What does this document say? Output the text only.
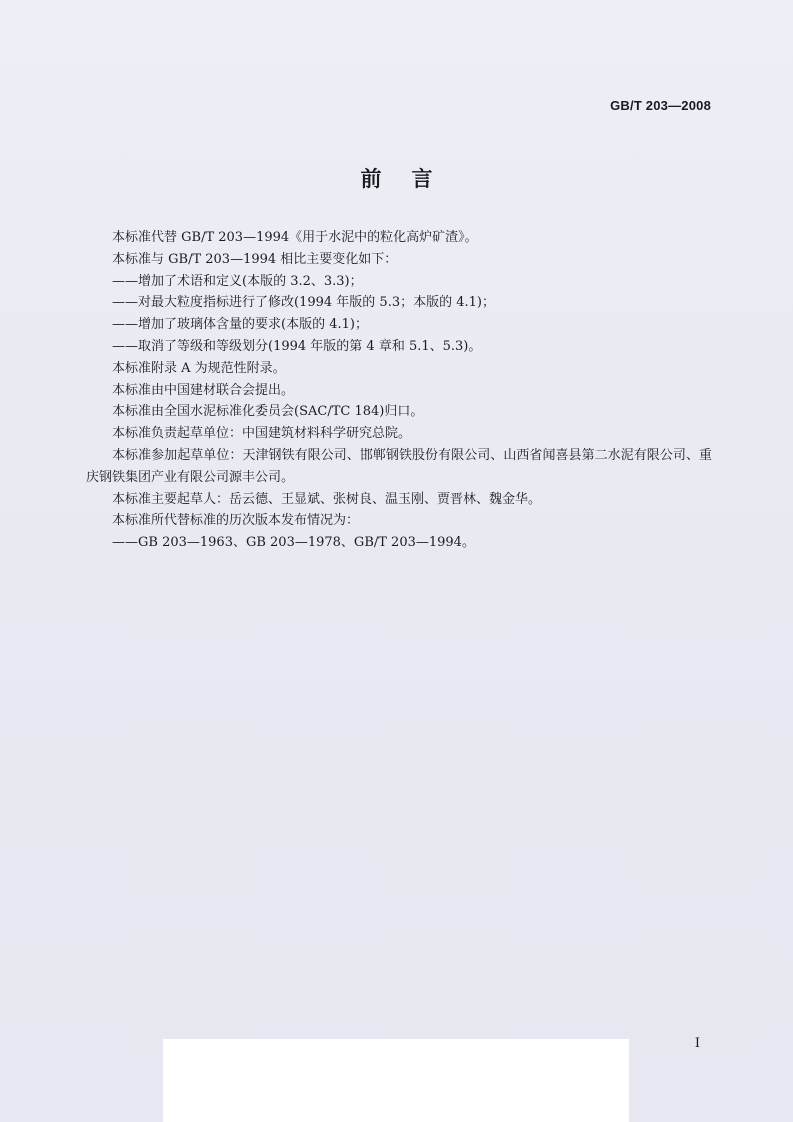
GB/T 203—2008
前言

本标准代替 GB/T 203—1994《用于水泥中的粒化高炉矿渣》。

本标准与 GB/T 203—1994 相比主要变化如下：

——增加了术语和定义(本版的 3.2、3.3)；

——对最大粒度指标进行了修改(1994 年版的 5.3；本版的 4.1)；

——增加了玻璃体含量的要求(本版的 4.1)；

——取消了等级和等级划分(1994 年版的第 4 章和 5.1、5.3)。

本标准附录 A 为规范性附录。

本标准由中国建材联合会提出。

本标准由全国水泥标准化委员会(SAC/TC 184)归口。

本标准负责起草单位：中国建筑材料科学研究总院。

本标准参加起草单位：天津钢铁有限公司、邯郸钢铁股份有限公司、山西省闻喜县第二水泥有限公司、重庆钢铁集团产业有限公司源丰公司。

本标准主要起草人：岳云德、王显斌、张树良、温玉刚、贾晋林、魏金华。

本标准所代替标准的历次版本发布情况为：

——GB 203—1963、GB 203—1978、GB/T 203—1994。

I
